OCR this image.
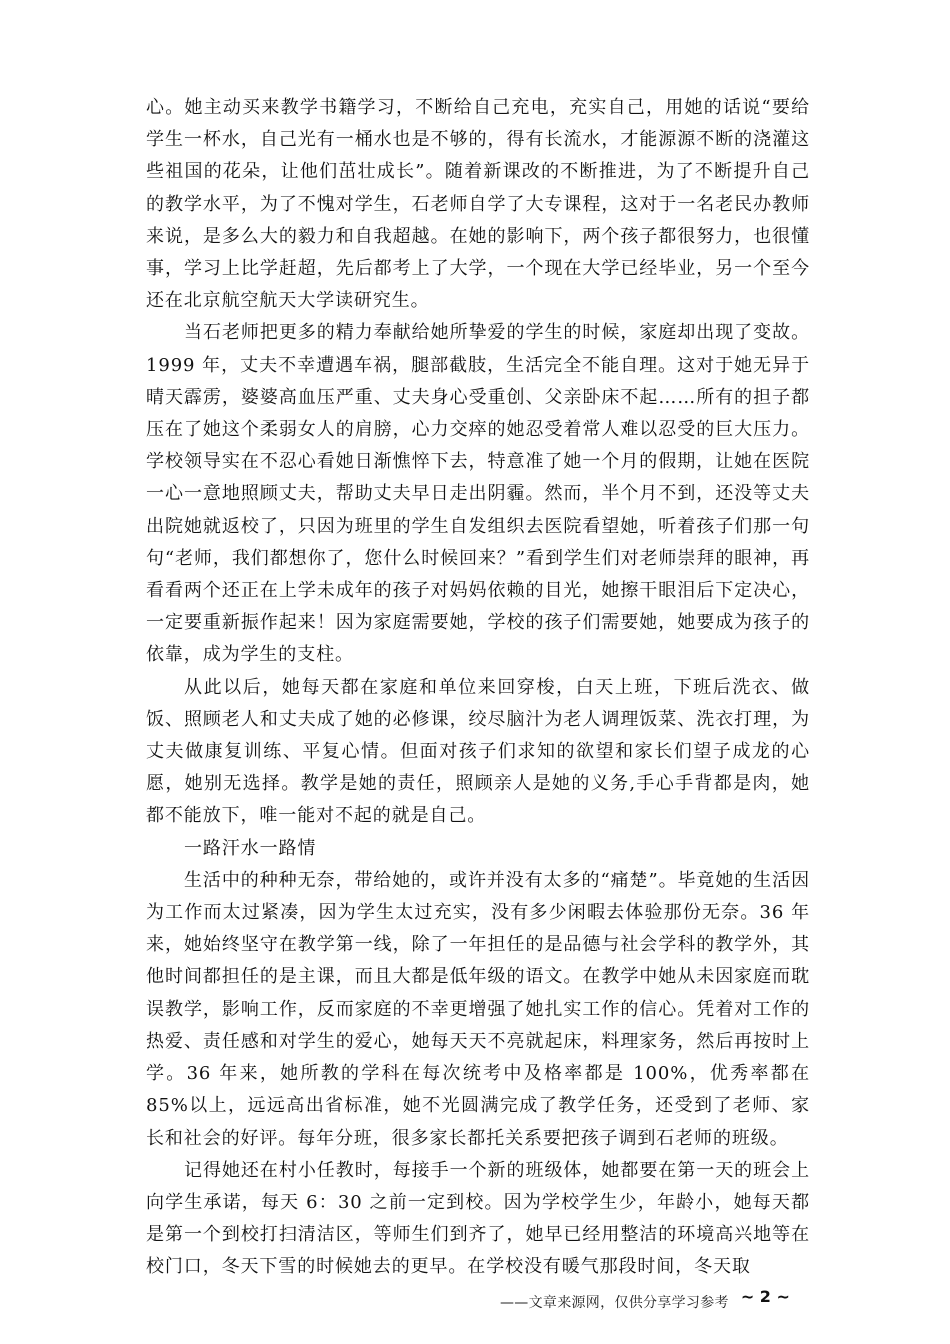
心。她主动买来教学书籍学习，不断给自己充电，充实自己，用她的话说“要给学生一杯水，自己光有一桶水也是不够的，得有长流水，才能源源不断的浇灌这些祖国的花朵，让他们茁壮成长”。随着新课改的不断推进，为了不断提升自己的教学水平，为了不愧对学生，石老师自学了大专课程，这对于一名老民办教师来说，是多么大的毅力和自我超越。在她的影响下，两个孩子都很努力，也很懂事，学习上比学赶超，先后都考上了大学，一个现在大学已经毕业，另一个至今还在北京航空航天大学读研究生。

当石老师把更多的精力奉献给她所挚爱的学生的时候，家庭却出现了变故。1999 年，丈夫不幸遭遇车祸，腿部截肢，生活完全不能自理。这对于她无异于晴天霹雳，婆婆高血压严重、丈夫身心受重创、父亲卧床不起……所有的担子都压在了她这个柔弱女人的肩膀，心力交瘁的她忍受着常人难以忍受的巨大压力。学校领导实在不忍心看她日渐憔悴下去，特意准了她一个月的假期，让她在医院一心一意地照顾丈夫，帮助丈夫早日走出阴霾。然而，半个月不到，还没等丈夫出院她就返校了，只因为班里的学生自发组织去医院看望她，听着孩子们那一句句“老师，我们都想你了，您什么时候回来？”看到学生们对老师崇拜的眼神，再看看两个还正在上学未成年的孩子对妈妈依赖的目光，她擦干眼泪后下定决心，一定要重新振作起来！因为家庭需要她，学校的孩子们需要她，她要成为孩子的依靠，成为学生的支柱。

从此以后，她每天都在家庭和单位来回穿梭，白天上班，下班后洗衣、做饭、照顾老人和丈夫成了她的必修课，绞尽脑汁为老人调理饭菜、洗衣打理，为丈夫做康复训练、平复心情。但面对孩子们求知的欲望和家长们望子成龙的心愿，她别无选择。教学是她的责任，照顾亲人是她的义务,手心手背都是肉，她都不能放下，唯一能对不起的就是自己。

一路汗水一路情

生活中的种种无奈，带给她的，或许并没有太多的“痛楚”。毕竟她的生活因为工作而太过紧凑，因为学生太过充实，没有多少闲暇去体验那份无奈。36 年来，她始终坚守在教学第一线，除了一年担任的是品德与社会学科的教学外，其他时间都担任的是主课，而且大都是低年级的语文。在教学中她从未因家庭而耽误教学，影响工作，反而家庭的不幸更增强了她扎实工作的信心。凭着对工作的热爱、责任感和对学生的爱心，她每天天不亮就起床，料理家务，然后再按时上学。36 年来，她所教的学科在每次统考中及格率都是 100%，优秀率都在 85%以上，远远高出省标准，她不光圆满完成了教学任务，还受到了老师、家长和社会的好评。每年分班，很多家长都托关系要把孩子调到石老师的班级。

记得她还在村小任教时，每接手一个新的班级体，她都要在第一天的班会上向学生承诺，每天 6：30 之前一定到校。因为学校学生少，年龄小，她每天都是第一个到校打扫清洁区，等师生们到齐了，她早已经用整洁的环境高兴地等在校门口，冬天下雪的时候她去的更早。在学校没有暖气那段时间，冬天取

——文章来源网，仅供分享学习参考 ~ 2 ~
